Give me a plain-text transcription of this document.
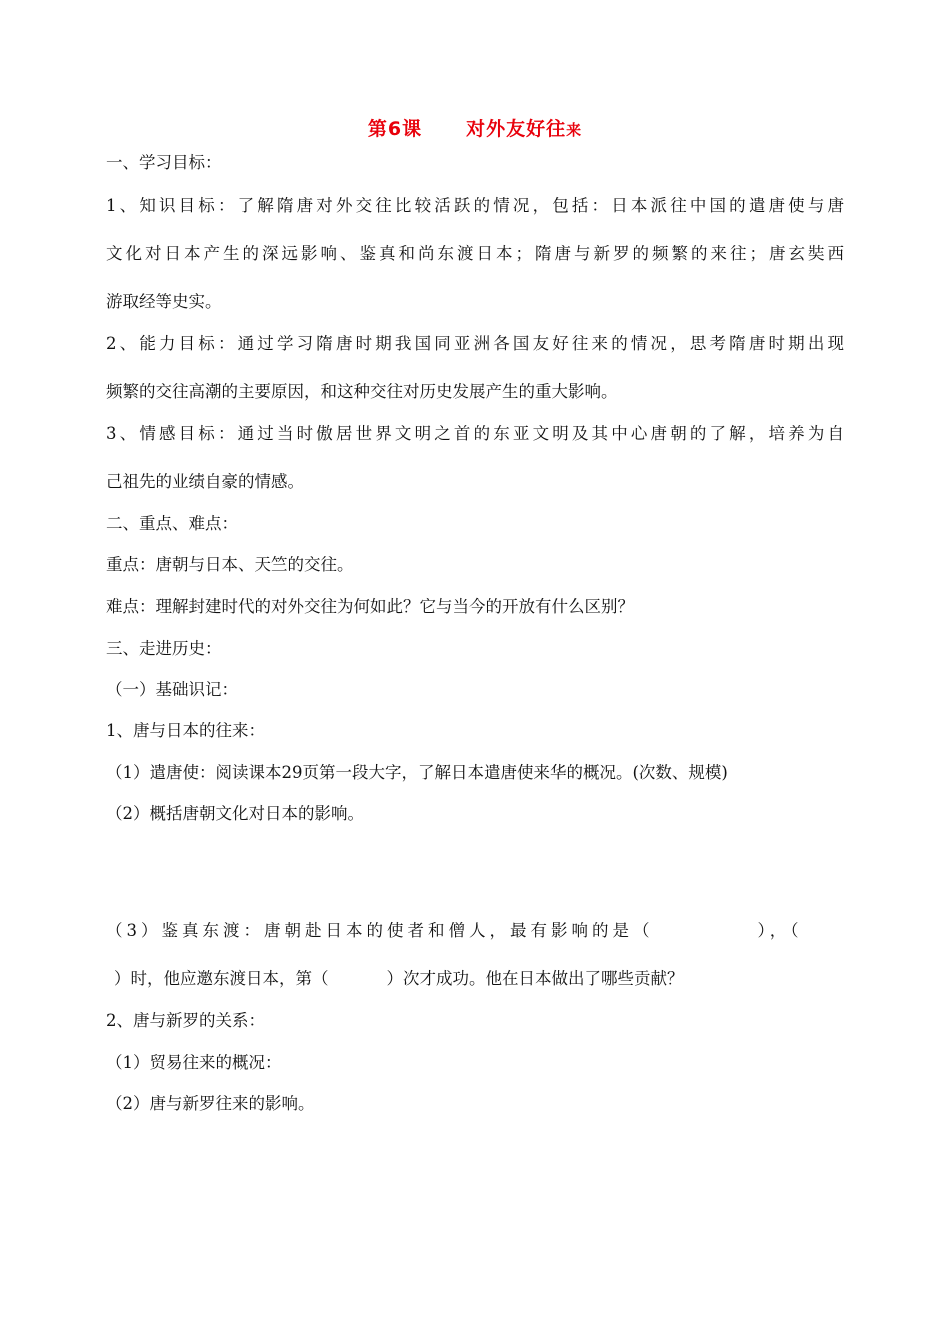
第6课 对外友好往来
一、学习目标：
1、知识目标：了解隋唐对外交往比较活跃的情况，包括：日本派往中国的遣唐使与唐
文化对日本产生的深远影响、鉴真和尚东渡日本；隋唐与新罗的频繁的来往；唐玄奘西
游取经等史实。
2、能力目标：通过学习隋唐时期我国同亚洲各国友好往来的情况，思考隋唐时期出现
频繁的交往高潮的主要原因，和这种交往对历史发展产生的重大影响。
3、情感目标：通过当时傲居世界文明之首的东亚文明及其中心唐朝的了解，培养为自
己祖先的业绩自豪的情感。
二、重点、难点：
重点：唐朝与日本、天竺的交往。
难点：理解封建时代的对外交往为何如此？它与当今的开放有什么区别？
三、走进历史：
（一）基础识记：
1、唐与日本的往来：
（1）遣唐使：阅读课本29页第一段大字，了解日本遣唐使来华的概况。(次数、规模)
（2）概括唐朝文化对日本的影响。
（3）鉴真东渡：唐朝赴日本的使者和僧人，最有影响的是（	），（
）时，他应邀东渡日本，第（	）次才成功。他在日本做出了哪些贡献？
2、唐与新罗的关系：
（1）贸易往来的概况：
（2）唐与新罗往来的影响。
